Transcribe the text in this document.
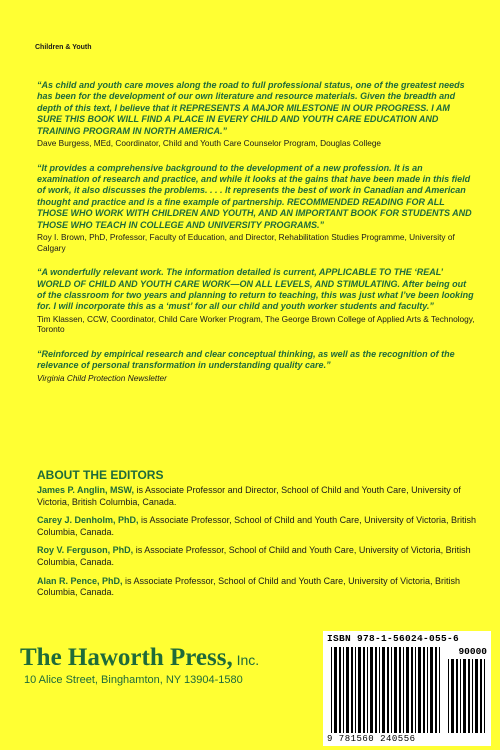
Children & Youth

“As child and youth care moves along the road to full professional status, one of the greatest needs has been for the development of our own literature and resource materials. Given the breadth and depth of this text, I believe that it REPRESENTS A MAJOR MILESTONE IN OUR PROGRESS. I AM SURE THIS BOOK WILL FIND A PLACE IN EVERY CHILD AND YOUTH CARE EDUCATION AND TRAINING PROGRAM IN NORTH AMERICA.”

Dave Burgess, MEd, Coordinator, Child and Youth Care Counselor Program, Douglas College

“It provides a comprehensive background to the development of a new profession. It is an examination of research and practice, and while it looks at the gains that have been made in this field of work, it also discusses the problems. . . . It represents the best of work in Canadian and American thought and practice and is a fine example of partnership. RECOMMENDED READING FOR ALL THOSE WHO WORK WITH CHILDREN AND YOUTH, AND AN IMPORTANT BOOK FOR STUDENTS AND THOSE WHO TEACH IN COLLEGE AND UNIVERSITY PROGRAMS.”

Roy I. Brown, PhD, Professor, Faculty of Education, and Director, Rehabilitation Studies Programme, University of Calgary

“A wonderfully relevant work. The information detailed is current, APPLICABLE TO THE ‘REAL’ WORLD OF CHILD AND YOUTH CARE WORK—ON ALL LEVELS, AND STIMULATING. After being out of the classroom for two years and planning to return to teaching, this was just what I’ve been looking for. I will incorporate this as a ‘must’ for all our child and youth worker students and faculty.”

Tim Klassen, CCW, Coordinator, Child Care Worker Program, The George Brown College of Applied Arts & Technology, Toronto

“Reinforced by empirical research and clear conceptual thinking, as well as the recognition of the relevance of personal transformation in understanding quality care.”

Virginia Child Protection Newsletter

ABOUT THE EDITORS

James P. Anglin, MSW, is Associate Professor and Director, School of Child and Youth Care, University of Victoria, British Columbia, Canada.

Carey J. Denholm, PhD, is Associate Professor, School of Child and Youth Care, University of Victoria, British Columbia, Canada.

Roy V. Ferguson, PhD, is Associate Professor, School of Child and Youth Care, University of Victoria, British Columbia, Canada.

Alan R. Pence, PhD, is Associate Professor, School of Child and Youth Care, University of Victoria, British Columbia, Canada.

The Haworth Press, Inc.
10 Alice Street, Binghamton, NY 13904-1580
ISBN 978-1-56024-055-6
90000
9 781560 240556
